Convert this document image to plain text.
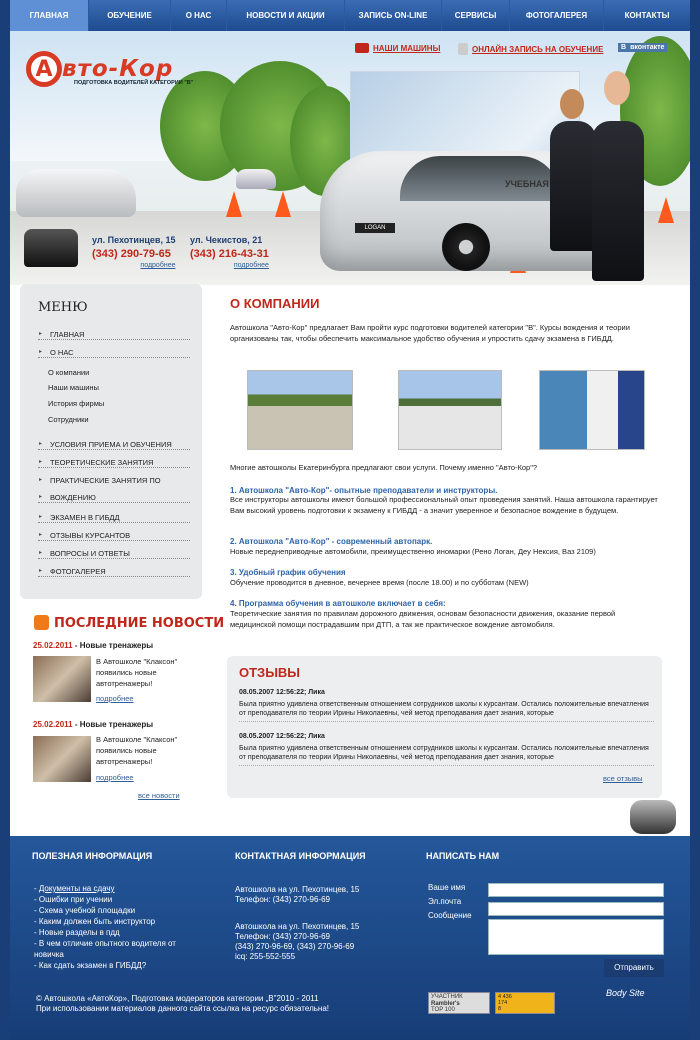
ГЛАВНАЯ	ОБУЧЕНИЕ	О НАС	НОВОСТИ И АКЦИИ	ЗАПИСЬ ON-LINE	СЕРВИСЫ	ФОТОГАЛЕРЕЯ	КОНТАКТЫ
LOGAN
УЧЕБНАЯ
А вто-Кор
ПОДГОТОВКА ВОДИТЕЛЕЙ КАТЕГОРИИ "В"
НАШИ МАШИНЫ	ОНЛАЙН ЗАПИСЬ НА ОБУЧЕНИЕ	В вконтакте
ул. Пехотинцев, 15
(343) 290-79-65
подробнее
ул. Чекистов, 21
(343) 216-43-31
подробнее
МЕНЮ
▸ ГЛАВНАЯ
▸ О НАС
О компании
Наши машины
История фирмы
Сотрудники
▸ УСЛОВИЯ ПРИЕМА И ОБУЧЕНИЯ
▸ ТЕОРЕТИЧЕСКИЕ ЗАНЯТИЯ
▸ ПРАКТИЧЕСКИЕ ЗАНЯТИЯ ПО
▸ ВОЖДЕНИЮ
▸ ЭКЗАМЕН В ГИБДД
▸ ОТЗЫВЫ КУРСАНТОВ
▸ ВОПРОСЫ И ОТВЕТЫ
▸ ФОТОГАЛЕРЕЯ
ПОСЛЕДНИЕ НОВОСТИ
25.02.2011 - Новые тренажеры
В Автошколе "Клаксон" появились новые автотренажеры!
подробнее
25.02.2011 - Новые тренажеры
В Автошколе "Клаксон" появились новые автотренажеры!
подробнее
все новости
О КОМПАНИИ
Автошкола "Авто-Кор" предлагает Вам пройти курс подготовки водителей категории "В". Курсы вождения и теории организованы так, чтобы обеспечить максимальное удобство обучения и упростить сдачу экзамена в ГИБДД.
Многие автошколы Екатеринбурга предлагают свои услуги. Почему именно "Авто-Кор"?
1. Автошкола "Авто-Кор"- опытные преподаватели и инструкторы.
Все инструкторы автошколы имеют большой профессиональный опыт проведения занятий. Наша автошкола гарантирует Вам высокий уровень подготовки к экзамену к ГИБДД - а значит уверенное и безопасное вождение в будущем.
2. Автошкола "Авто-Кор" - современный автопарк.
Новые переднеприводные автомобили, преимущественно иномарки (Рено Логан, Деу Нексия, Ваз 2109)
3. Удобный график обучения
Обучение проводится в дневное, вечернее время (после 18.00) и по субботам (NEW)
4. Программа обучения в автошколе включает в себя:
Теоретические занятия по правилам дорожного движения, основам безопасности движения, оказание первой медицинской помощи пострадавшим при ДТП, а так же практическое вождение автомобиля.
ОТЗЫВЫ
08.05.2007 12:56:22; Лика
Была приятно удивлена ответственным отношением сотрудников школы к курсантам. Остались положительные впечатления от преподавателя по теории Ирины Николаевны, чей метод преподавания дает знания, которые
08.05.2007 12:56:22; Лика
Была приятно удивлена ответственным отношением сотрудников школы к курсантам. Остались положительные впечатления от преподавателя по теории Ирины Николаевны, чей метод преподавания дает знания, которые
все отзывы
ПОЛЕЗНАЯ ИНФОРМАЦИЯ	КОНТАКТНАЯ ИНФОРМАЦИЯ	НАПИСАТЬ НАМ
- Документы на сдачу
- Ошибки при учении
- Схема учебной площадки
- Каким должен быть инструктор
- Новые разделы в пдд
- В чем отличие опытного водителя от новичка
- Как сдать экзамен в ГИБДД?
Автошкола на ул. Пехотинцев, 15
Телефон: (343) 270-96-69
Автошкола на ул. Пехотинцев, 15
Телефон: (343) 270-96-69
(343) 270-96-69, (343) 270-96-69
icq: 255-552-555
Ваше имя
Эл.почта
Сообщение
Отправить
© Автошкола «АвтоКор», Подготовка модераторов категории „В"2010 - 2011
При использовании материалов данного сайта ссылка на ресурс обязательна!
УЧАСТНИК
Rambler's
TOP 100
4 436
174
8
Body Site
